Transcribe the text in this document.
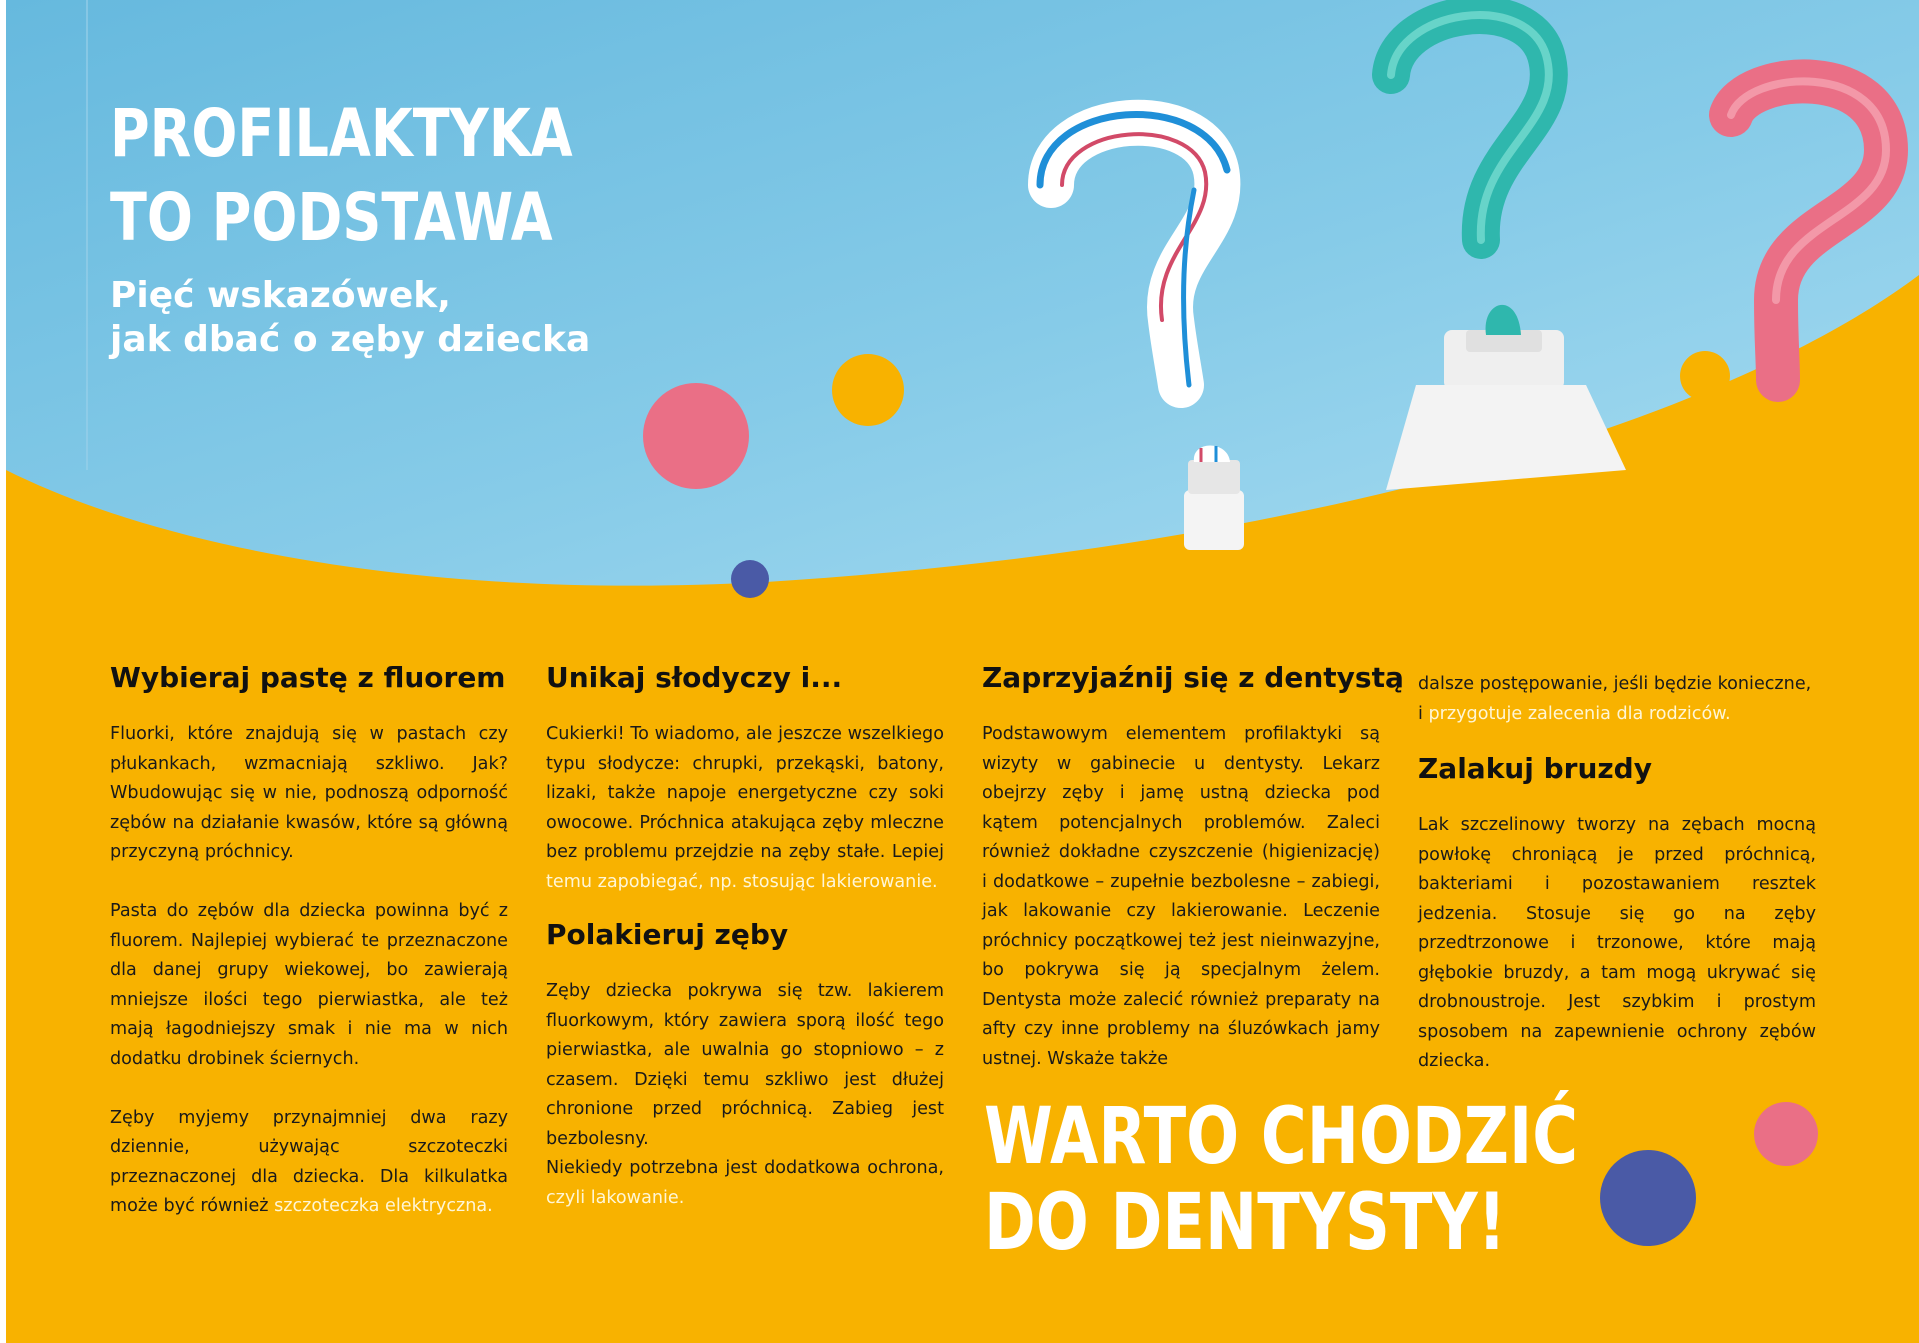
PROFILAKTYKA
TO PODSTAWA
Pięć wskazówek,
jak dbać o zęby dziecka
Wybieraj pastę z fluorem

Fluorki, które znajdują się w pastach czy płukankach, wzmacniają szkliwo. Jak? Wbudowując się w nie, podnoszą odporność zębów na działanie kwasów, które są główną przyczyną próchnicy.

Pasta do zębów dla dziecka powinna być z fluorem. Najlepiej wybierać te przeznaczone dla danej grupy wiekowej, bo zawierają mniejsze ilości tego pierwiastka, ale też mają łagodniejszy smak i nie ma w nich dodatku drobinek ściernych.

Zęby myjemy przynajmniej dwa razy dziennie, używając szczoteczki przeznaczonej dla dziecka. Dla kilkulatka może być również szczoteczka elektryczna.

Unikaj słodyczy i...

Cukierki! To wiadomo, ale jeszcze wszelkiego typu słodycze: chrupki, przekąski, batony, lizaki, także napoje energetyczne czy soki owocowe. Próchnica atakująca zęby mleczne bez problemu przejdzie na zęby stałe. Lepiej temu zapobiegać, np. stosując lakierowanie.

Polakieruj zęby

Zęby dziecka pokrywa się tzw. lakierem fluorkowym, który zawiera sporą ilość tego pierwiastka, ale uwalnia go stopniowo – z czasem. Dzięki temu szkliwo jest dłużej chronione przed próchnicą. Zabieg jest bezbolesny.

Niekiedy potrzebna jest dodatkowa ochrona, czyli lakowanie.

Zaprzyjaźnij się z dentystą

Podstawowym elementem profilaktyki są wizyty w gabinecie u dentysty. Lekarz obejrzy zęby i jamę ustną dziecka pod kątem potencjalnych problemów. Zaleci również dokładne czyszczenie (higienizację) i dodatkowe – zupełnie bezbolesne – zabiegi, jak lakowanie czy lakierowanie. Leczenie próchnicy początkowej też jest nieinwazyjne, bo pokrywa się ją specjalnym żelem. Dentysta może zalecić również preparaty na afty czy inne problemy na śluzówkach jamy ustnej. Wskaże także

dalsze postępowanie, jeśli będzie konieczne, i przygotuje zalecenia dla rodziców.

Zalakuj bruzdy

Lak szczelinowy tworzy na zębach mocną powłokę chroniącą je przed próchnicą, bakteriami i pozostawaniem resztek jedzenia. Stosuje się go na zęby przedtrzonowe i trzonowe, które mają głębokie bruzdy, a tam mogą ukrywać się drobnoustroje. Jest szybkim i prostym sposobem na zapewnienie ochrony zębów dziecka.

WARTO CHODZIĆ
DO DENTYSTY!
